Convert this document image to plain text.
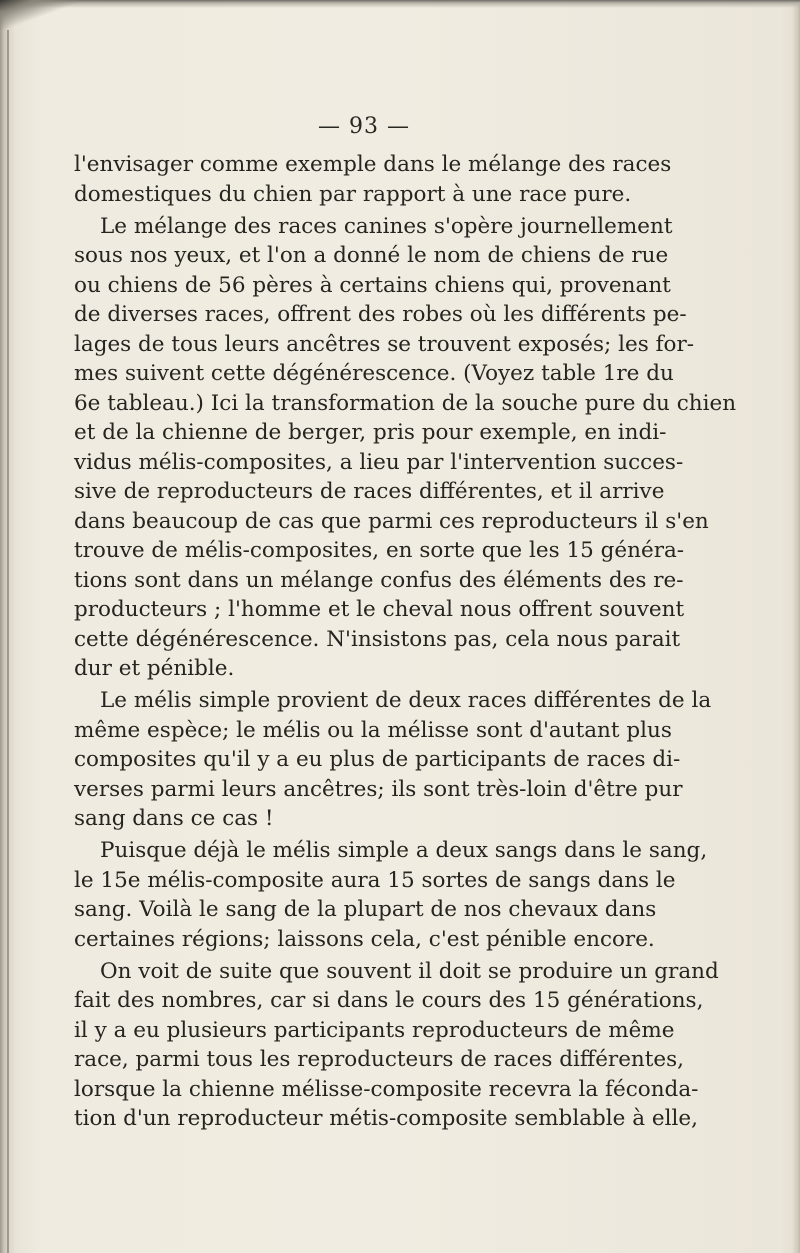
— 93 —
l'envisager comme exemple dans le mélange des races
domestiques du chien par rapport à une race pure.
Le mélange des races canines s'opère journellement
sous nos yeux, et l'on a donné le nom de chiens de rue
ou chiens de 56 pères à certains chiens qui, provenant
de diverses races, offrent des robes où les différents pe-
lages de tous leurs ancêtres se trouvent exposés; les for-
mes suivent cette dégénérescence. (Voyez table 1re du
6e tableau.) Ici la transformation de la souche pure du chien
et de la chienne de berger, pris pour exemple, en indi-
vidus mélis-composites, a lieu par l'intervention succes-
sive de reproducteurs de races différentes, et il arrive
dans beaucoup de cas que parmi ces reproducteurs il s'en
trouve de mélis-composites, en sorte que les 15 généra-
tions sont dans un mélange confus des éléments des re-
producteurs ; l'homme et le cheval nous offrent souvent
cette dégénérescence. N'insistons pas, cela nous parait
dur et pénible.
Le mélis simple provient de deux races différentes de la
même espèce; le mélis ou la mélisse sont d'autant plus
composites qu'il y a eu plus de participants de races di-
verses parmi leurs ancêtres; ils sont très-loin d'être pur
sang dans ce cas !
Puisque déjà le mélis simple a deux sangs dans le sang,
le 15e mélis-composite aura 15 sortes de sangs dans le
sang. Voilà le sang de la plupart de nos chevaux dans
certaines régions; laissons cela, c'est pénible encore.
On voit de suite que souvent il doit se produire un grand
fait des nombres, car si dans le cours des 15 générations,
il y a eu plusieurs participants reproducteurs de même
race, parmi tous les reproducteurs de races différentes,
lorsque la chienne mélisse-composite recevra la féconda-
tion d'un reproducteur métis-composite semblable à elle,
